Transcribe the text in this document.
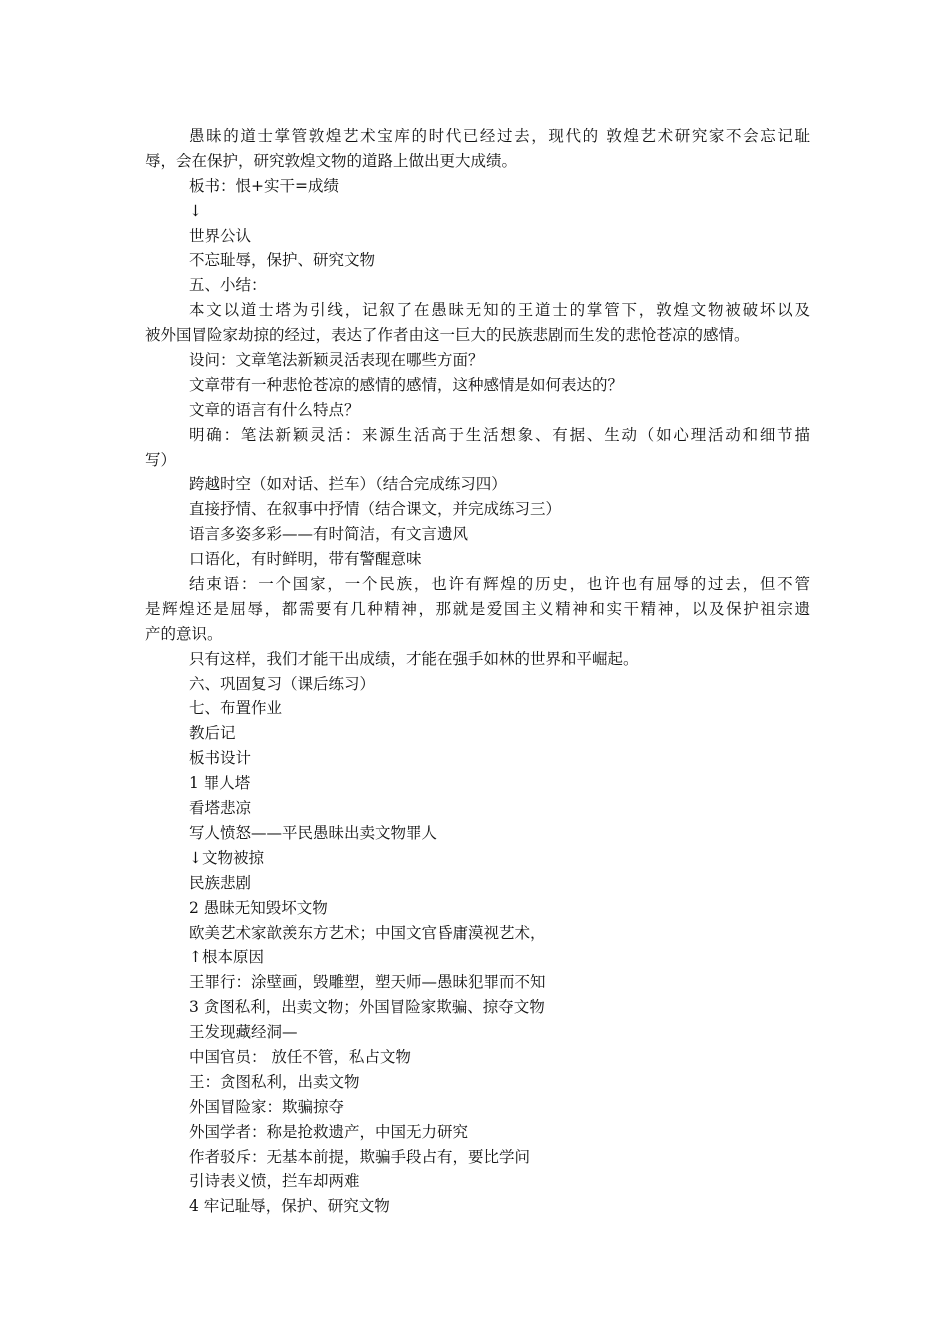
愚昧的道士掌管敦煌艺术宝库的时代已经过去，现代的 敦煌艺术研究家不会忘记耻
辱，会在保护，研究敦煌文物的道路上做出更大成绩。
板书：恨+实干=成绩
↓
世界公认
不忘耻辱，保护、研究文物
五、小结：
本文以道士塔为引线，记叙了在愚昧无知的王道士的掌管下，敦煌文物被破坏以及
被外国冒险家劫掠的经过，表达了作者由这一巨大的民族悲剧而生发的悲怆苍凉的感情。
设问：文章笔法新颖灵活表现在哪些方面？
文章带有一种悲怆苍凉的感情的感情，这种感情是如何表达的？
文章的语言有什么特点？
明确：笔法新颖灵活：来源生活高于生活想象、有据、生动（如心理活动和细节描
写）
跨越时空（如对话、拦车）（结合完成练习四）
直接抒情、在叙事中抒情（结合课文，并完成练习三）
语言多姿多彩——有时简洁，有文言遗风
口语化，有时鲜明，带有警醒意味
结束语：一个国家，一个民族，也许有辉煌的历史，也许也有屈辱的过去，但不管
是辉煌还是屈辱，都需要有几种精神，那就是爱国主义精神和实干精神，以及保护祖宗遗
产的意识。
只有这样，我们才能干出成绩，才能在强手如林的世界和平崛起。
六、巩固复习（课后练习）
七、布置作业
教后记
板书设计
1 罪人塔
看塔悲凉
写人愤怒——平民愚昧出卖文物罪人
↓文物被掠
民族悲剧
2 愚昧无知毁坏文物
欧美艺术家歆羡东方艺术；中国文官昏庸漠视艺术，
↑根本原因
王罪行：涂壁画，毁雕塑，塑天师—愚昧犯罪而不知
3 贪图私利，出卖文物；外国冒险家欺骗、掠夺文物
王发现藏经洞—
中国官员： 放任不管，私占文物
王：贪图私利，出卖文物
外国冒险家：欺骗掠夺
外国学者：称是抢救遗产，中国无力研究
作者驳斥：无基本前提，欺骗手段占有，要比学问
引诗表义愤，拦车却两难
4 牢记耻辱，保护、研究文物
